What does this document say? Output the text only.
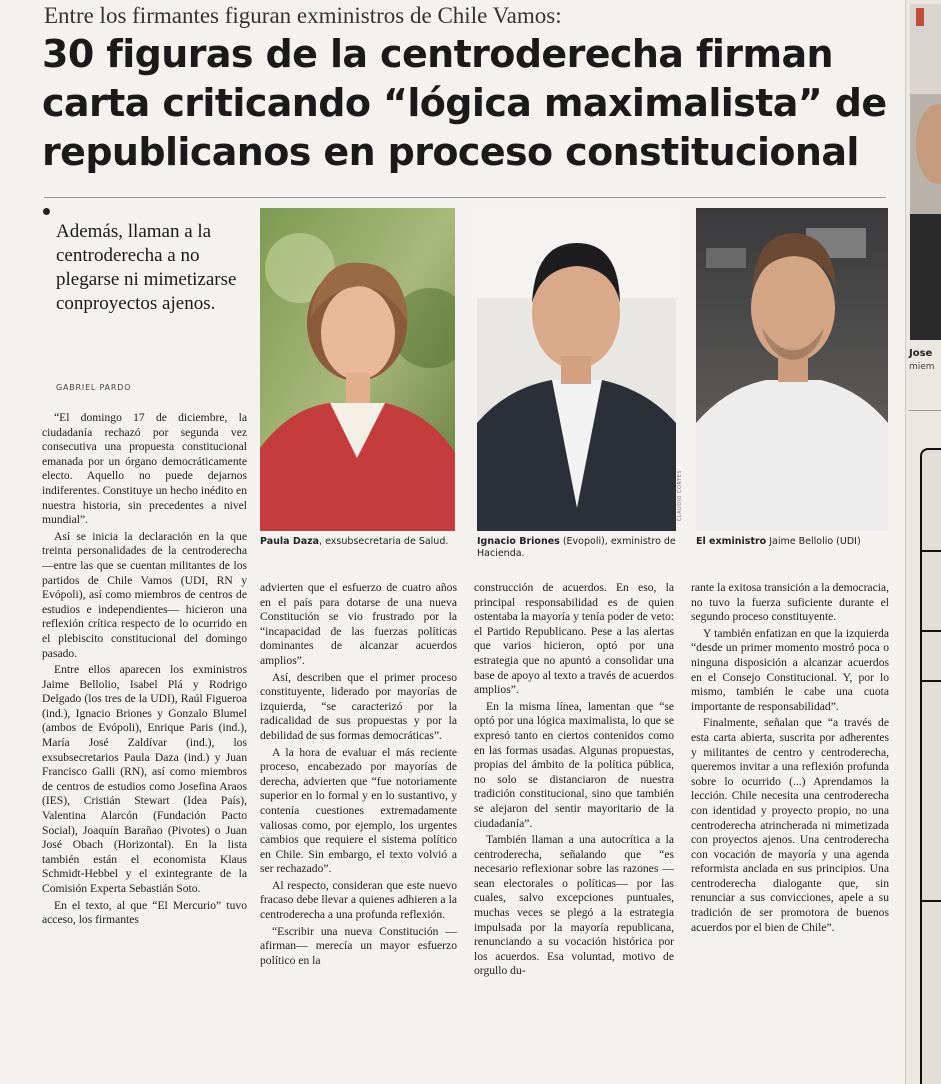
Entre los firmantes figuran exministros de Chile Vamos:
30 figuras de la centroderecha firman
carta criticando “lógica maximalista” de
republicanos en proceso constitucional
Además, llaman a la centroderecha a no plegarse ni mimetizarse conproyectos ajenos.
GABRIEL PARDO
CLAUDIO CORTES
Paula Daza, exsubsecretaria de Salud.	Ignacio Briones (Evopoli), exministro de Hacienda.
El exministro Jaime Bellolio (UDI)

“El domingo 17 de diciembre, la ciudadanía rechazó por segunda vez consecutiva una propuesta constitucional emanada por un órgano democráticamente electo. Aquello no puede dejarnos indiferentes. Constituye un hecho inédito en nuestra historia, sin precedentes a nivel mundial”.

Así se inicia la declaración en la que treinta personalidades de la centroderecha —entre las que se cuentan militantes de los partidos de Chile Vamos (UDI, RN y Evópoli), así como miembros de centros de estudios e independientes— hicieron una reflexión crítica respecto de lo ocurrido en el plebiscito constitucional del domingo pasado.

Entre ellos aparecen los exministros Jaime Bellolio, Isabel Plá y Rodrigo Delgado (los tres de la UDI), Raúl Figueroa (ind.), Ignacio Briones y Gonzalo Blumel (ambos de Evópoli), Enrique Paris (ind.), María José Zaldívar (ind.), los exsubsecretarios Paula Daza (ind.) y Juan Francisco Galli (RN), así como miembros de centros de estudios como Josefina Araos (IES), Cristián Stewart (Idea País), Valentina Alarcón (Fundación Pacto Social), Joaquín Barañao (Pivotes) o Juan José Obach (Horizontal). En la lista también están el economista Klaus Schmidt-Hebbel y el exintegrante de la Comisión Experta Sebastián Soto.

En el texto, al que “El Mercurio” tuvo acceso, los firmantes

advierten que el esfuerzo de cuatro años en el país para dotarse de una nueva Constitución se vio frustrado por la “incapacidad de las fuerzas políticas dominantes de alcanzar acuerdos amplios”.

Así, describen que el primer proceso constituyente, liderado por mayorías de izquierda, “se caracterizó por la radicalidad de sus propuestas y por la debilidad de sus formas democráticas”.

A la hora de evaluar el más reciente proceso, encabezado por mayorías de derecha, advierten que “fue notoriamente superior en lo formal y en lo sustantivo, y contenía cuestiones extremadamente valiosas como, por ejemplo, los urgentes cambios que requiere el sistema político en Chile. Sin embargo, el texto volvió a ser rechazado”.

Al respecto, consideran que este nuevo fracaso debe llevar a quienes adhieren a la centroderecha a una profunda reflexión.

“Escribir una nueva Constitución —afirman— merecía un mayor esfuerzo político en la

construcción de acuerdos. En eso, la principal responsabilidad es de quien ostentaba la mayoría y tenía poder de veto: el Partido Republicano. Pese a las alertas que varios hicieron, optó por una estrategia que no apuntó a consolidar una base de apoyo al texto a través de acuerdos amplios”.

En la misma línea, lamentan que “se optó por una lógica maximalista, lo que se expresó tanto en ciertos contenidos como en las formas usadas. Algunas propuestas, propias del ámbito de la política pública, no solo se distanciaron de nuestra tradición constitucional, sino que también se alejaron del sentir mayoritario de la ciudadanía”.

También llaman a una autocrítica a la centroderecha, señalando que “es necesario reflexionar sobre las razones —sean electorales o políticas— por las cuales, salvo excepciones puntuales, muchas veces se plegó a la estrategia impulsada por la mayoría republicana, renunciando a su vocación histórica por los acuerdos. Esa voluntad, motivo de orgullo du-

rante la exitosa transición a la democracia, no tuvo la fuerza suficiente durante el segundo proceso constituyente.

Y también enfatizan en que la izquierda “desde un primer momento mostró poca o ninguna disposición a alcanzar acuerdos en el Consejo Constitucional. Y, por lo mismo, también le cabe una cuota importante de responsabilidad”.

Finalmente, señalan que “a través de esta carta abierta, suscrita por adherentes y militantes de centro y centroderecha, queremos invitar a una reflexión profunda sobre lo ocurrido (...) Aprendamos la lección. Chile necesita una centroderecha con identidad y proyecto propio, no una centroderecha atrincherada ni mimetizada con proyectos ajenos. Una centroderecha con vocación de mayoría y una agenda reformista anclada en sus principios. Una centroderecha dialogante que, sin renunciar a sus convicciones, apele a su tradición de ser promotora de buenos acuerdos por el bien de Chile”.

Jose
miem
